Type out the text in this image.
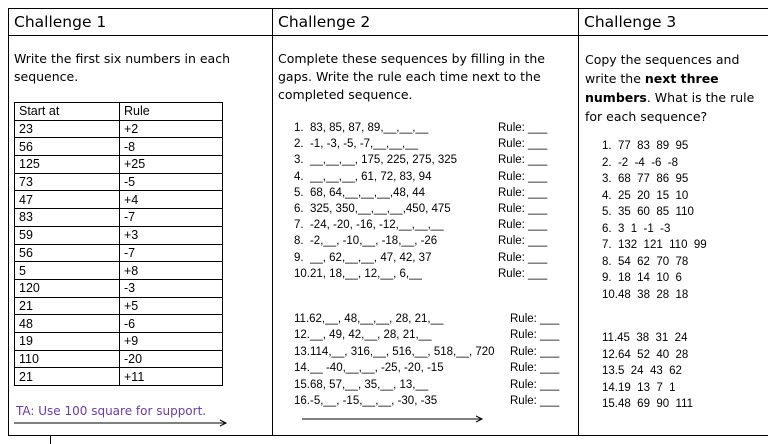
Challenge 1	Challenge 2	Challenge 3
Write the first six numbers in each sequence.
Start at	Rule
23	+2
56	-8
125	+25
73	-5
47	+4
83	-7
59	+3
56	-7
5	+8
120	-3
21	+5
48	-6
19	+9
110	-20
21	+11
TA: Use 100 square for support.
Complete these sequences by filling in the gaps. Write the rule each time next to the completed sequence.
1.  83, 85, 87, 89,__,__,__	Rule: ___
2.  -1, -3, -5, -7,__,__,__	Rule: ___
3.  __,__,__, 175, 225, 275, 325	Rule: ___
4.  __,__,__, 61, 72, 83, 94	Rule: ___
5.  68, 64,__,__,__,48, 44	Rule: ___
6.  325, 350,__,__,__,450, 475	Rule: ___
7.  -24, -20, -16, -12,__,__,__	Rule: ___
8.  -2,__, -10,__, -18,__, -26	Rule: ___
9.  __, 62,__,__, 47, 42, 37	Rule: ___
10.21, 18,__, 12,__, 6,__	Rule: ___
11.62,__, 48,__,__, 28, 21,__	Rule: ___
12.__, 49, 42,__, 28, 21,__	Rule: ___
13.114,__, 316,__, 516,__, 518,__, 720 Rule: ___
14.__ -40,__,__, -25, -20, -15	Rule: ___
15.68, 57,__, 35,__, 13,__	Rule: ___
16.-5,__, -15,__,__, -30, -35	Rule: ___
Copy the sequences and write the next three numbers. What is the rule for each sequence?
1.  77  83  89  95
2.  -2  -4  -6  -8
3.  68  77  86  95
4.  25  20  15  10
5.  35  60  85  110
6.  3  1  -1  -3
7.  132  121  110  99
8.  54  62  70  78
9.  18  14  10  6
10.48  38  28  18
11.45  38  31  24
12.64  52  40  28
13.5  24  43  62
14.19  13  7  1
15.48  69  90  111
